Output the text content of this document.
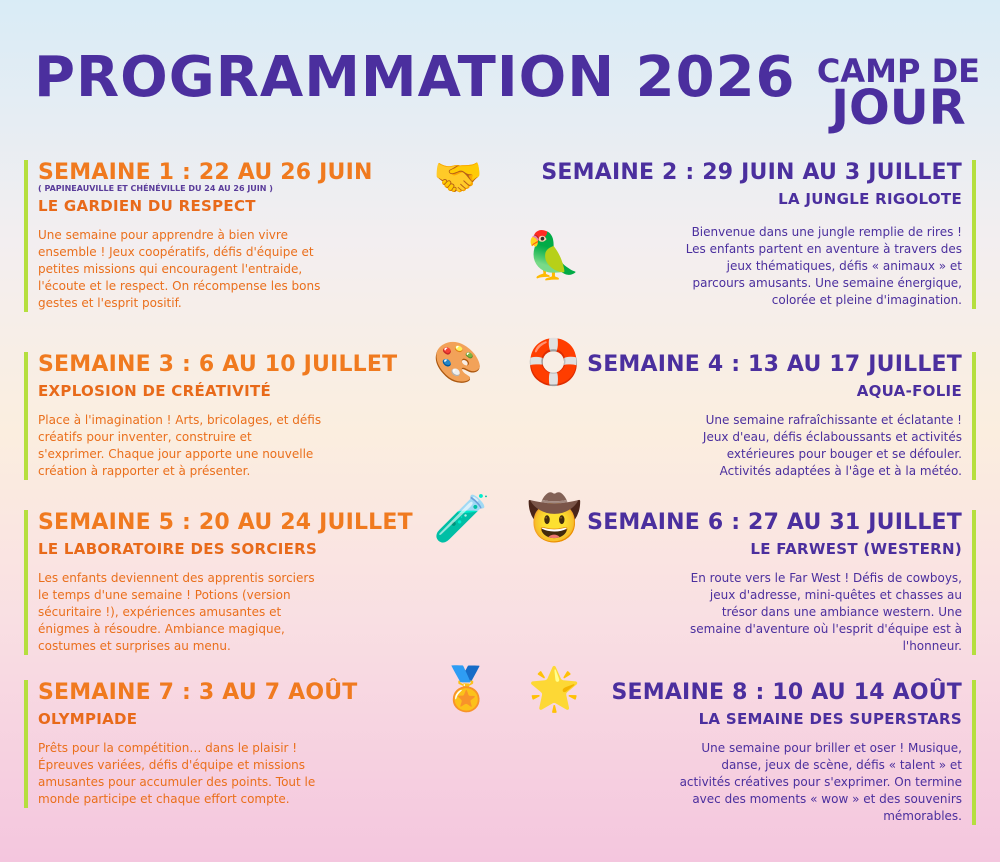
PROGRAMMATION 2026 CAMP DE
JOUR
SEMAINE 1 : 22 AU 26 JUIN
( PAPINEAUVILLE ET CHÉNÉVILLE DU 24 AU 26 JUIN )
LE GARDIEN DU RESPECT
Une semaine pour apprendre à bien vivre
ensemble ! Jeux coopératifs, défis d'équipe et
petites missions qui encouragent l'entraide,
l'écoute et le respect. On récompense les bons
gestes et l'esprit positif.
🤝	SEMAINE 2 : 29 JUIN AU 3 JUILLET
LA JUNGLE RIGOLOTE
Bienvenue dans une jungle remplie de rires !
Les enfants partent en aventure à travers des
jeux thématiques, défis « animaux » et
parcours amusants. Une semaine énergique,
colorée et pleine d'imagination.
🦜
SEMAINE 3 : 6 AU 10 JUILLET
EXPLOSION DE CRÉATIVITÉ
Place à l'imagination ! Arts, bricolages, et défis
créatifs pour inventer, construire et
s'exprimer. Chaque jour apporte une nouvelle
création à rapporter et à présenter.
🎨	SEMAINE 4 : 13 AU 17 JUILLET
AQUA-FOLIE
Une semaine rafraîchissante et éclatante !
Jeux d'eau, défis éclaboussants et activités
extérieures pour bouger et se défouler.
Activités adaptées à l'âge et à la météo.
🛟
SEMAINE 5 : 20 AU 24 JUILLET
LE LABORATOIRE DES SORCIERS
Les enfants deviennent des apprentis sorciers
le temps d'une semaine ! Potions (version
sécuritaire !), expériences amusantes et
énigmes à résoudre. Ambiance magique,
costumes et surprises au menu.
🧪	SEMAINE 6 : 27 AU 31 JUILLET
LE FARWEST (WESTERN)
En route vers le Far West ! Défis de cowboys,
jeux d'adresse, mini-quêtes et chasses au
trésor dans une ambiance western. Une
semaine d'aventure où l'esprit d'équipe est à
l'honneur.
🤠
SEMAINE 7 : 3 AU 7 AOÛT
OLYMPIADE
Prêts pour la compétition… dans le plaisir !
Épreuves variées, défis d'équipe et missions
amusantes pour accumuler des points. Tout le
monde participe et chaque effort compte.
🏅	SEMAINE 8 : 10 AU 14 AOÛT
LA SEMAINE DES SUPERSTARS
Une semaine pour briller et oser ! Musique,
danse, jeux de scène, défis « talent » et
activités créatives pour s'exprimer. On termine
avec des moments « wow » et des souvenirs
mémorables.
🌟
